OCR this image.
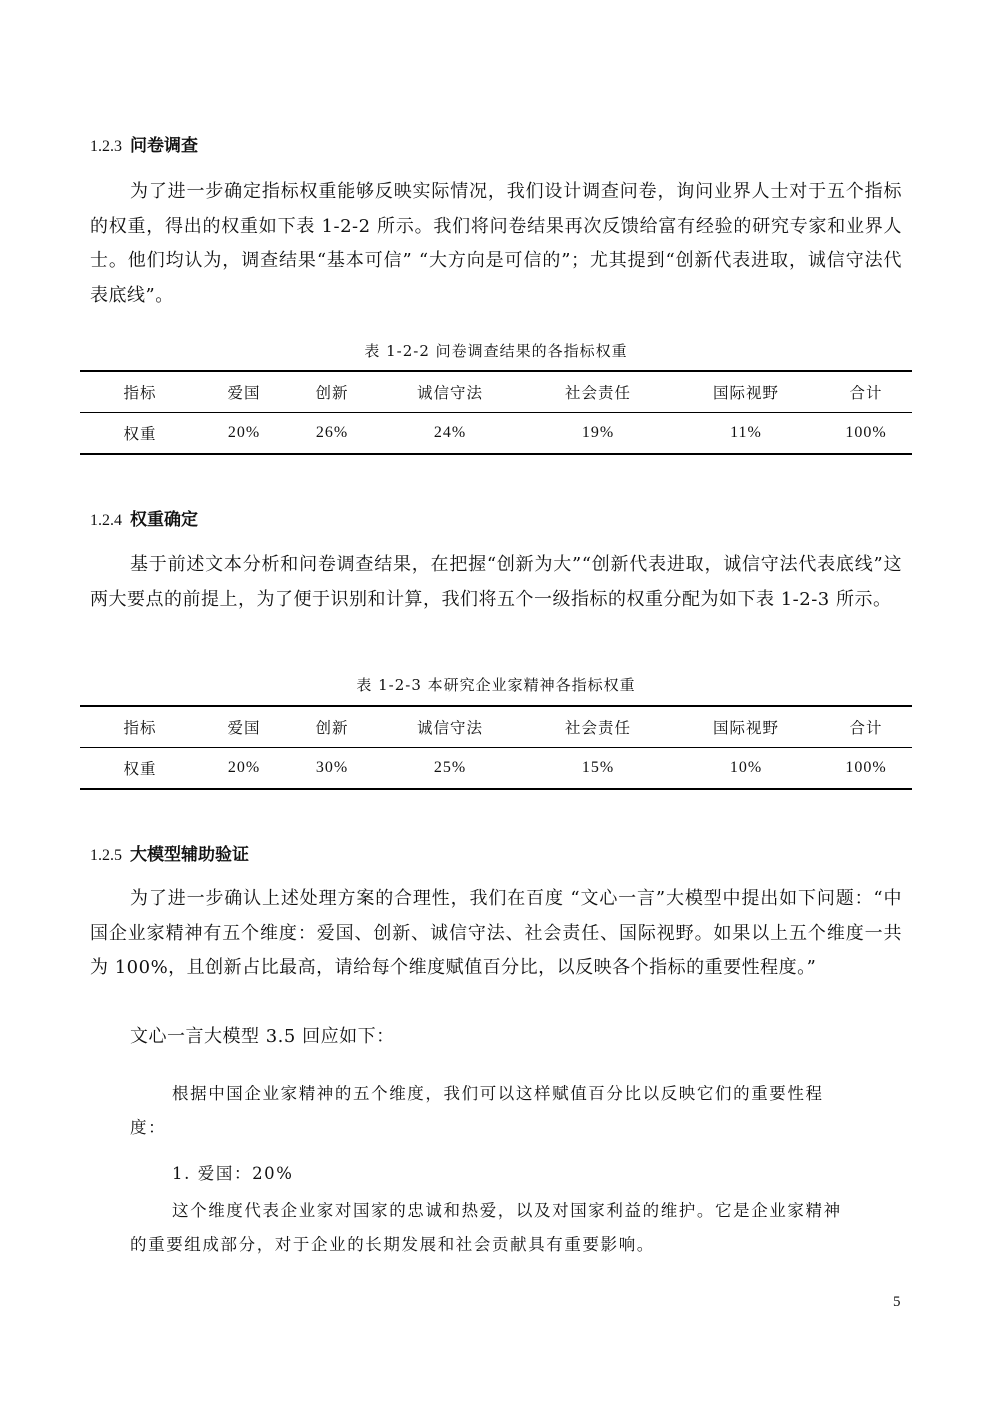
1.2.3 问卷调查

为了进一步确定指标权重能够反映实际情况，我们设计调查问卷，询问业界人士对于五个指标的权重，得出的权重如下表 1-2-2 所示。我们将问卷结果再次反馈给富有经验的研究专家和业界人士。他们均认为，调查结果“基本可信” “大方向是可信的”；尤其提到“创新代表进取，诚信守法代表底线”。

表 1-2-2 问卷调查结果的各指标权重
指标	爱国	创新	诚信守法	社会责任	国际视野	合计
权重	20%	26%	24%	19%	11%	100%
1.2.4 权重确定

基于前述文本分析和问卷调查结果，在把握“创新为大”“创新代表进取，诚信守法代表底线”这两大要点的前提上，为了便于识别和计算，我们将五个一级指标的权重分配为如下表 1-2-3 所示。

表 1-2-3 本研究企业家精神各指标权重
指标	爱国	创新	诚信守法	社会责任	国际视野	合计
权重	20%	30%	25%	15%	10%	100%
1.2.5 大模型辅助验证

为了进一步确认上述处理方案的合理性，我们在百度 “文心一言”大模型中提出如下问题：“中国企业家精神有五个维度：爱国、创新、诚信守法、社会责任、国际视野。如果以上五个维度一共为 100%，且创新占比最高，请给每个维度赋值百分比，以反映各个指标的重要性程度。”

文心一言大模型 3.5 回应如下：

根据中国企业家精神的五个维度，我们可以这样赋值百分比以反映它们的重要性程度：

1. 爱国：20%

这个维度代表企业家对国家的忠诚和热爱，以及对国家利益的维护。它是企业家精神的重要组成部分，对于企业的长期发展和社会贡献具有重要影响。

5
